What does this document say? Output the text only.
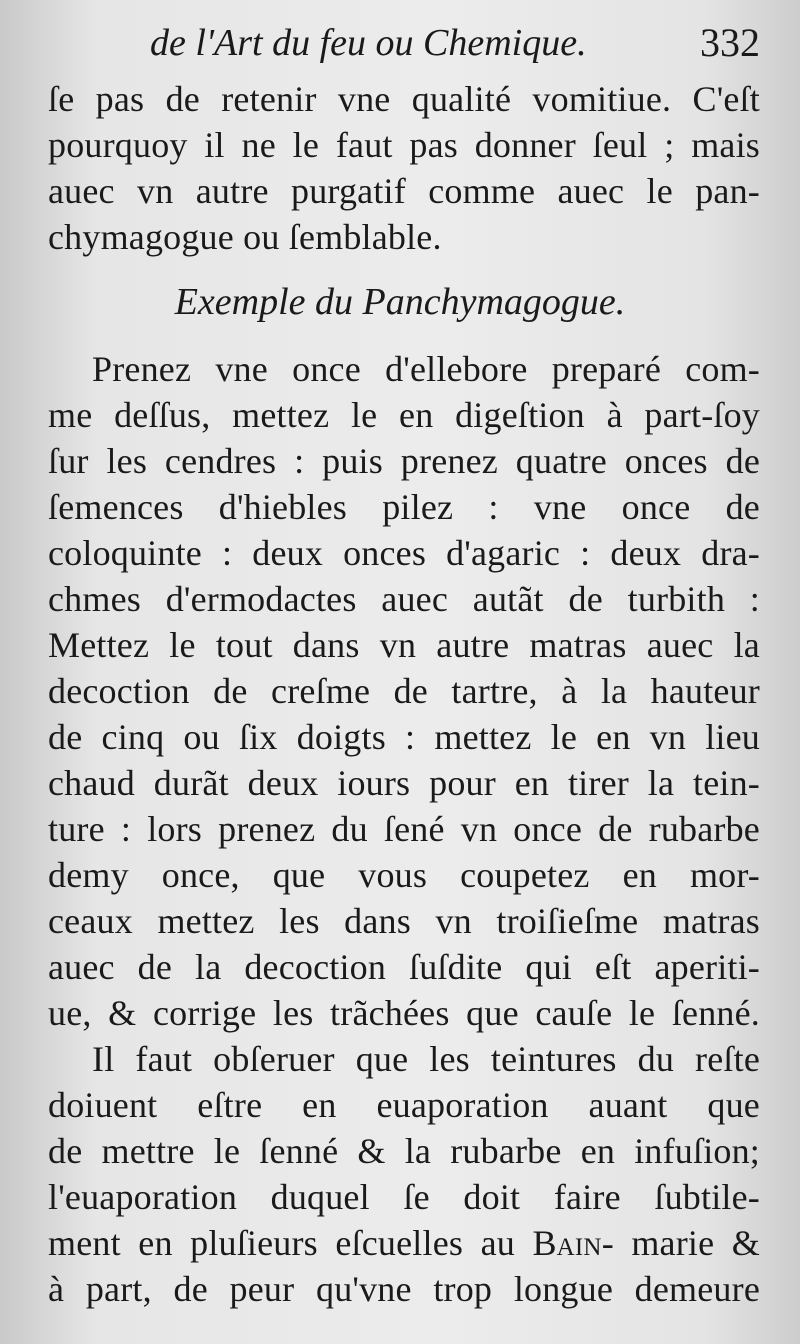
de l'Art du feu ou Chemique.	332
ſe pas de retenir vne qualité vomitiue. C'eſt
pourquoy il ne le faut pas donner ſeul ; mais
auec vn autre purgatif comme auec le pan-
chymagogue ou ſemblable.
Exemple du Panchymagogue.
Prenez vne once d'ellebore preparé com-
me deſſus, mettez le en digeſtion à part-ſoy
ſur les cendres : puis prenez quatre onces de
ſemences d'hiebles pilez : vne once de
coloquinte : deux onces d'agaric : deux dra-
chmes d'ermodactes auec autãt de turbith :
Mettez le tout dans vn autre matras auec la
decoction de creſme de tartre, à la hauteur
de cinq ou ſix doigts : mettez le en vn lieu
chaud durãt deux iours pour en tirer la tein-
ture : lors prenez du ſené vn once de rubarbe
demy once, que vous coupetez en mor-
ceaux mettez les dans vn troiſieſme matras
auec de la decoction ſuſdite qui eſt aperiti-
ue, & corrige les trãchées que cauſe le ſenné.
Il faut obſeruer que les teintures du reſte
doiuent eſtre en euaporation auant que
de mettre le ſenné & la rubarbe en infuſion;
l'euaporation duquel ſe doit faire ſubtile-
ment en pluſieurs eſcuelles au Bain- marie &
à part, de peur qu'vne trop longue demeure
